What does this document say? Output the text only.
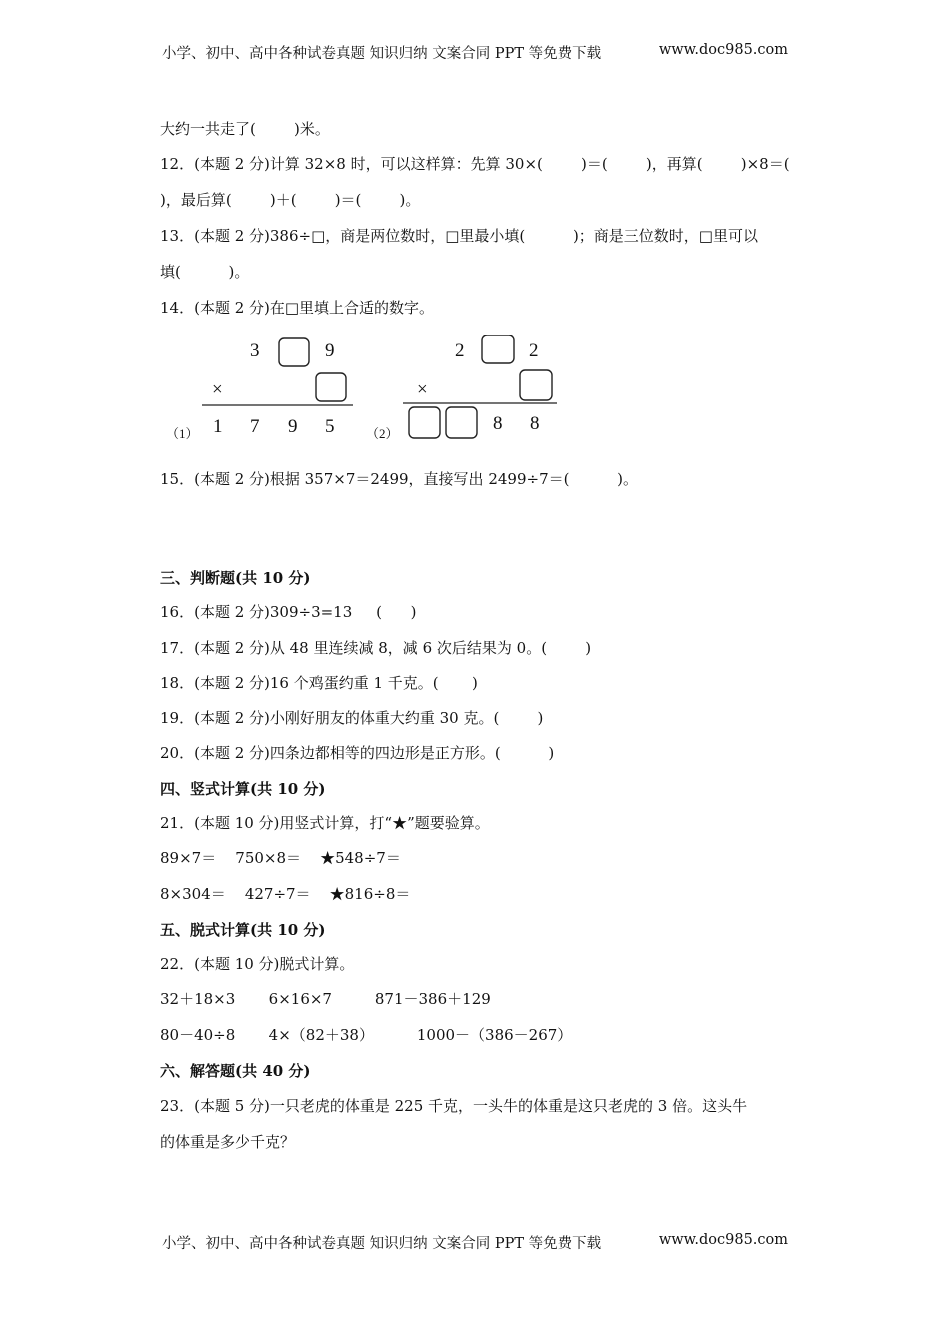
小学、初中、高中各种试卷真题 知识归纳 文案合同 PPT 等免费下载	www.doc985.com
大约一共走了(        )米。
12．(本题 2 分)计算 32×8 时，可以这样算：先算 30×(        )＝(        )，再算(        )×8＝(
)，最后算(        )＋(        )＝(        )。
13．(本题 2 分)386÷□，商是两位数时，□里最小填(          )；商是三位数时，□里可以
填(          )。
14．(本题 2 分)在□里填上合适的数字。
3	9
×
（1） 1 7 9 5
2	2
×
（2）	8 8
15．(本题 2 分)根据 357×7＝2499，直接写出 2499÷7＝(          )。
三、判断题(共 10 分)
16．(本题 2 分)309÷3=13     (      )
17．(本题 2 分)从 48 里连续减 8，减 6 次后结果为 0。(        )
18．(本题 2 分)16 个鸡蛋约重 1 千克。(       )
19．(本题 2 分)小刚好朋友的体重大约重 30 克。(        )
20．(本题 2 分)四条边都相等的四边形是正方形。(          )
四、竖式计算(共 10 分)
21．(本题 10 分)用竖式计算，打“★”题要验算。
89×7＝    750×8＝    ★548÷7＝
8×304＝    427÷7＝    ★816÷8＝
五、脱式计算(共 10 分)
22．(本题 10 分)脱式计算。
32＋18×3       6×16×7         871－386＋129
80－40÷8       4×（82＋38）         1000－（386－267）
六、解答题(共 40 分)
23．(本题 5 分)一只老虎的体重是 225 千克，一头牛的体重是这只老虎的 3 倍。这头牛
的体重是多少千克？
小学、初中、高中各种试卷真题 知识归纳 文案合同 PPT 等免费下载	www.doc985.com
